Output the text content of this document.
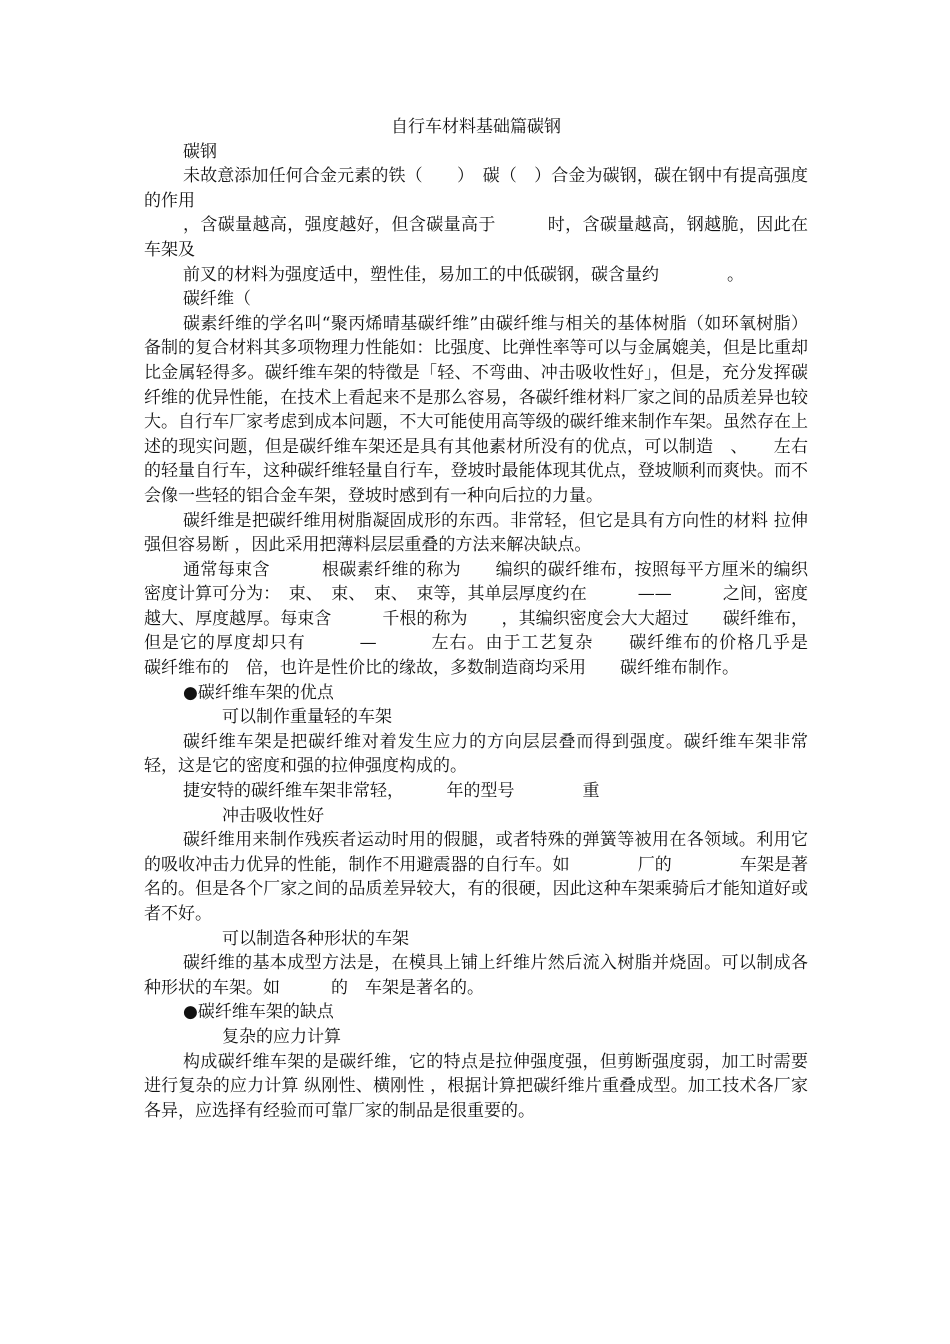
自行车材料基础篇碳钢

碳钢

未故意添加任何合金元素的铁（　　）　碳（　）合金为碳钢，碳在钢中有提高强度的作用

，含碳量越高，强度越好，但含碳量高于　　　时，含碳量越高，钢越脆，因此在车架及

前叉的材料为强度适中，塑性佳，易加工的中低碳钢，碳含量约　　　　。

碳纤维（

碳素纤维的学名叫“聚丙烯晴基碳纤维”由碳纤维与相关的基体树脂（如环氧树脂）备制的复合材料其多项物理力性能如：比强度、比弹性率等可以与金属媲美，但是比重却比金属轻得多。碳纤维车架的特徵是「轻、不弯曲、冲击吸收性好」，但是，充分发挥碳纤维的优异性能，在技术上看起来不是那么容易，各碳纤维材料厂家之间的品质差异也较大。自行车厂家考虑到成本问题，不大可能使用高等级的碳纤维来制作车架。虽然存在上述的现实问题，但是碳纤维车架还是具有其他素材所没有的优点，可以制造　、　　左右的轻量自行车，这种碳纤维轻量自行车，登坡时最能体现其优点，登坡顺利而爽快。而不会像一些轻的铝合金车架，登坡时感到有一种向后拉的力量。

碳纤维是把碳纤维用树脂凝固成形的东西。非常轻，但它是具有方向性的材料 拉伸强但容易断 ，因此采用把薄料层层重叠的方法来解决缺点。

通常每束含　　　根碳素纤维的称为　　编织的碳纤维布，按照每平方厘米的编织密度计算可分为：　束、　束、　束、　束等，其单层厚度约在　　　——　　　之间，密度越大、厚度越厚。每束含　　　千根的称为　　，其编织密度会大大超过　　碳纤维布，但是它的厚度却只有　　　—　　　左右。由于工艺复杂　　碳纤维布的价格几乎是　　碳纤维布的　倍，也许是性价比的缘故，多数制造商均采用　　碳纤维布制作。

●碳纤维车架的优点

可以制作重量轻的车架

碳纤维车架是把碳纤维对着发生应力的方向层层叠而得到强度。碳纤维车架非常轻，这是它的密度和强的拉伸强度构成的。

捷安特的碳纤维车架非常轻，　　　年的型号　　　　重

冲击吸收性好

碳纤维用来制作残疾者运动时用的假腿，或者特殊的弹簧等被用在各领域。利用它的吸收冲击力优异的性能，制作不用避震器的自行车。如　　　　厂的　　　　车架是著名的。但是各个厂家之间的品质差异较大，有的很硬，因此这种车架乘骑后才能知道好或者不好。

可以制造各种形状的车架

碳纤维的基本成型方法是，在模具上铺上纤维片然后流入树脂并烧固。可以制成各种形状的车架。如　　　的　车架是著名的。

●碳纤维车架的缺点

复杂的应力计算

构成碳纤维车架的是碳纤维，它的特点是拉伸强度强，但剪断强度弱，加工时需要进行复杂的应力计算 纵刚性、横刚性 ，根据计算把碳纤维片重叠成型。加工技术各厂家各异，应选择有经验而可靠厂家的制品是很重要的。
